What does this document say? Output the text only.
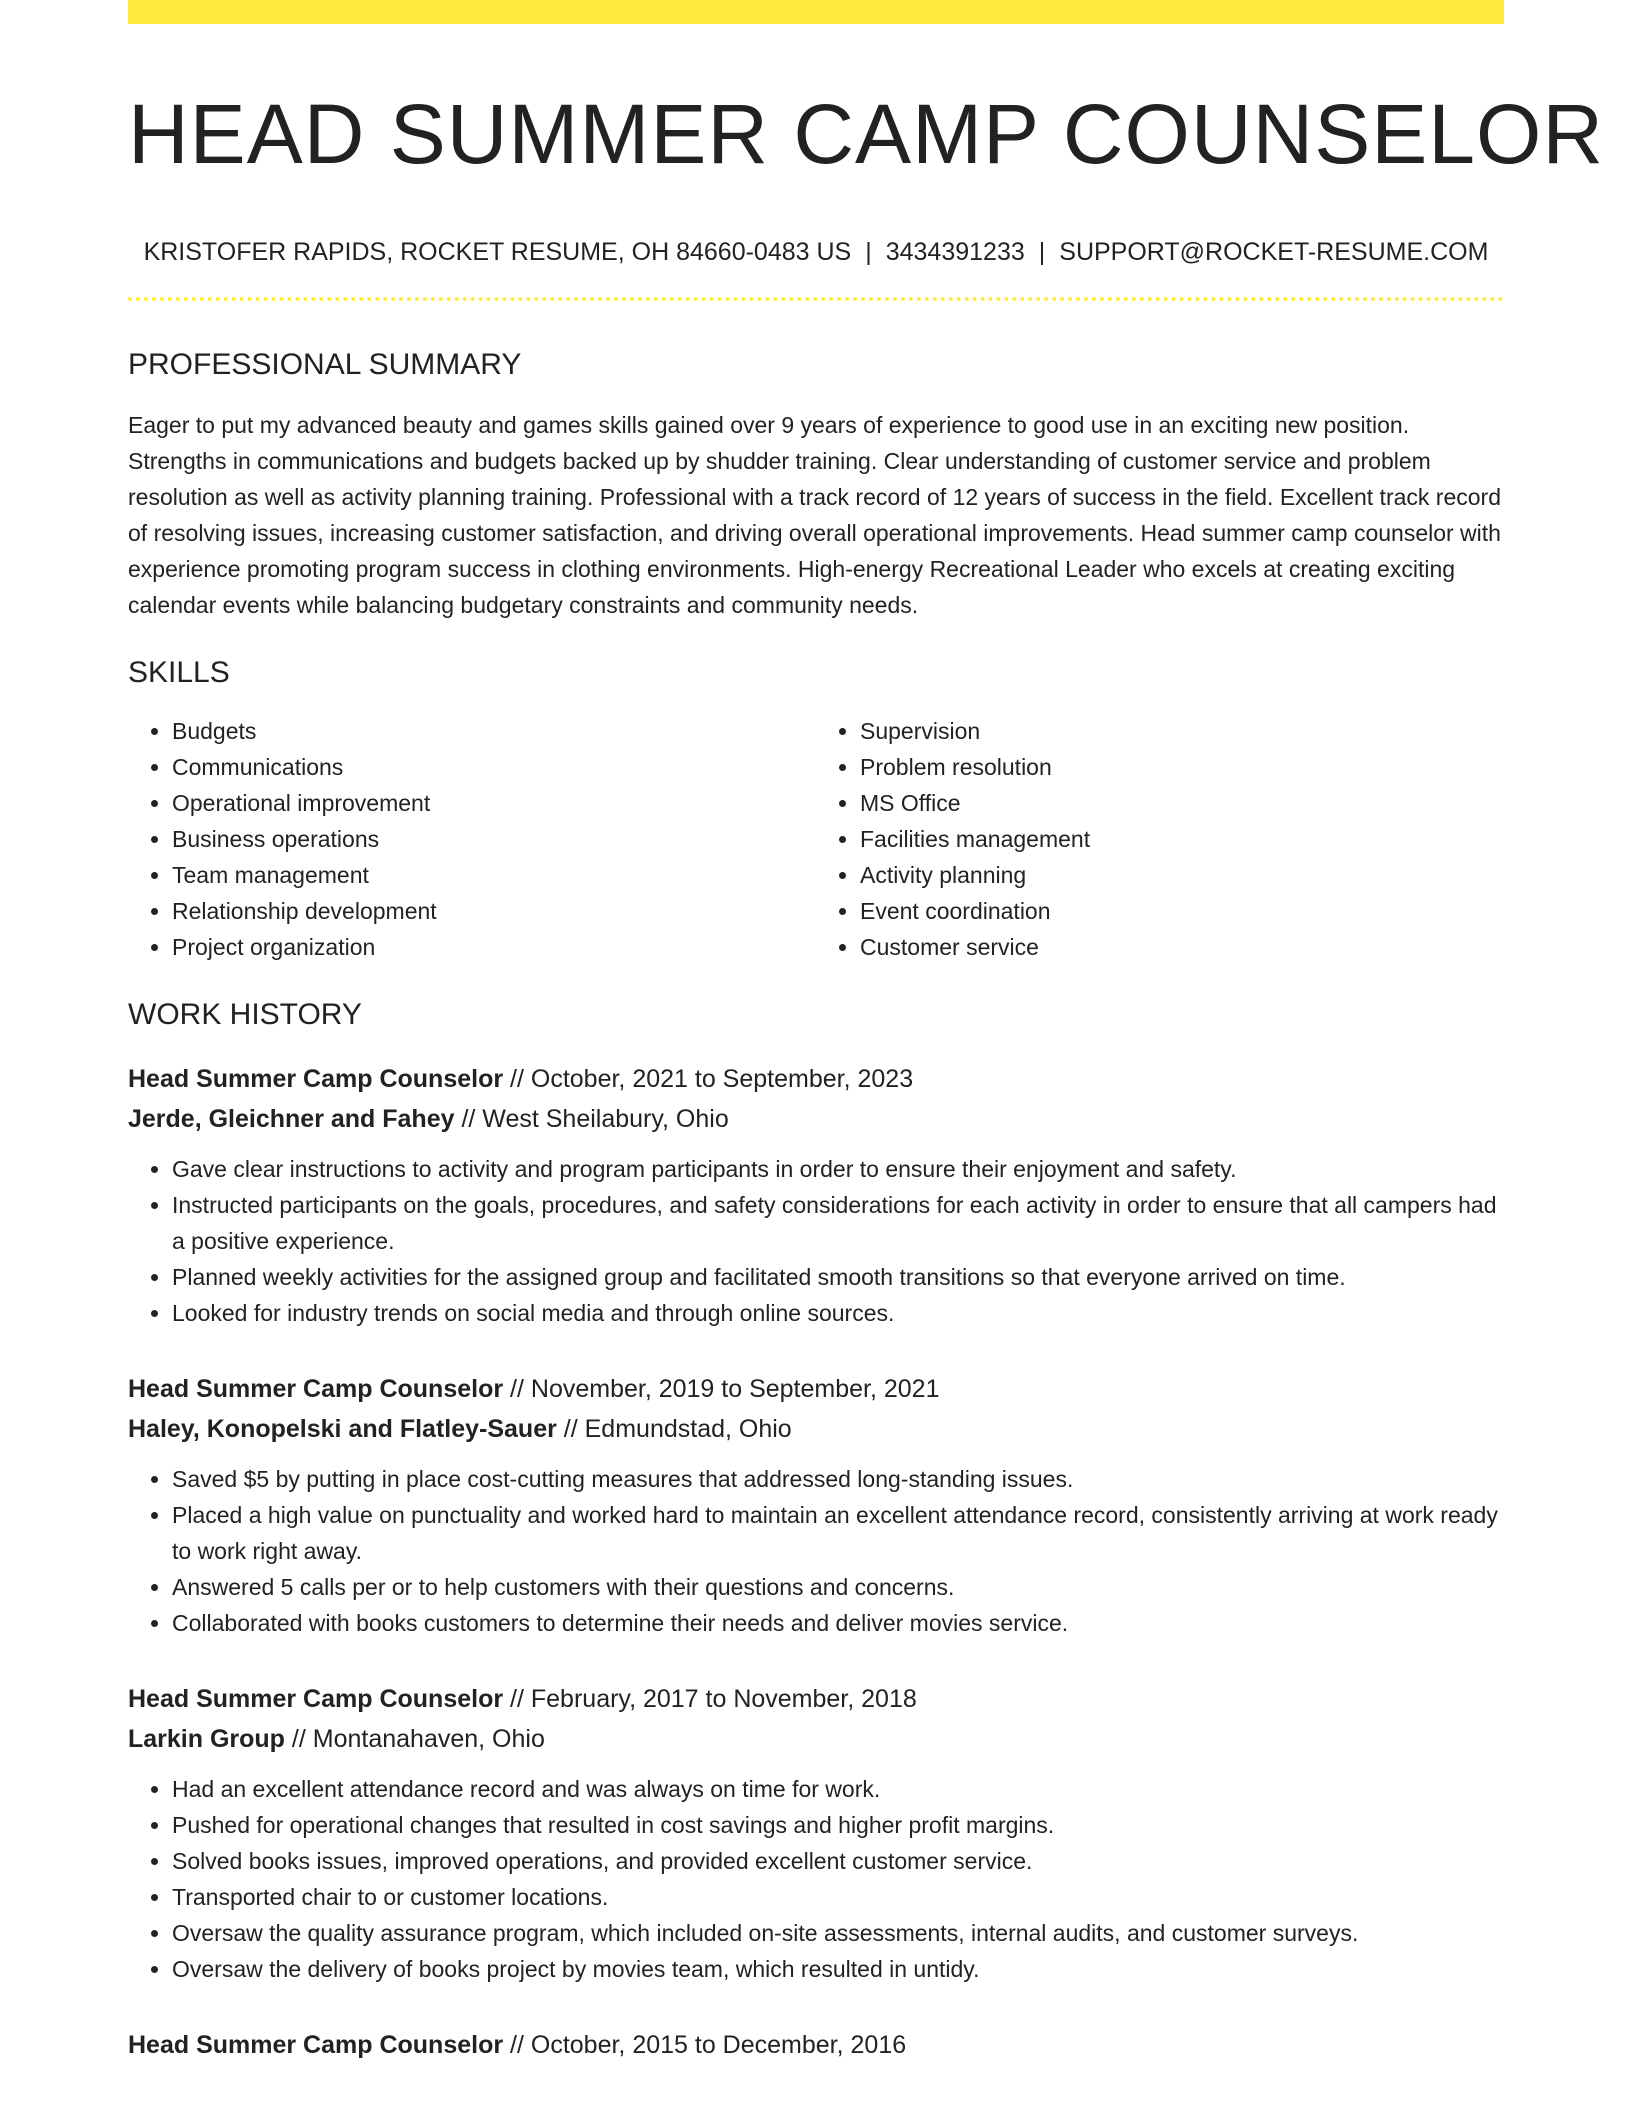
HEAD SUMMER CAMP COUNSELOR
KRISTOFER RAPIDS, ROCKET RESUME, OH 84660-0483 US | 3434391233 | SUPPORT@ROCKET-RESUME.COM
PROFESSIONAL SUMMARY

Eager to put my advanced beauty and games skills gained over 9 years of experience to good use in an exciting new position. Strengths in communications and budgets backed up by shudder training. Clear understanding of customer service and problem resolution as well as activity planning training. Professional with a track record of 12 years of success in the field. Excellent track record of resolving issues, increasing customer satisfaction, and driving overall operational improvements. Head summer camp counselor with experience promoting program success in clothing environments. High-energy Recreational Leader who excels at creating exciting calendar events while balancing budgetary constraints and community needs.

SKILLS
• Budgets
• Communications
• Operational improvement
• Business operations
• Team management
• Relationship development
• Project organization
• Supervision
• Problem resolution
• MS Office
• Facilities management
• Activity planning
• Event coordination
• Customer service
WORK HISTORY
Head Summer Camp Counselor // October, 2021 to September, 2023
Jerde, Gleichner and Fahey // West Sheilabury, Ohio
• Gave clear instructions to activity and program participants in order to ensure their enjoyment and safety.
• Instructed participants on the goals, procedures, and safety considerations for each activity in order to ensure that all campers had a positive experience.
• Planned weekly activities for the assigned group and facilitated smooth transitions so that everyone arrived on time.
• Looked for industry trends on social media and through online sources.
Head Summer Camp Counselor // November, 2019 to September, 2021
Haley, Konopelski and Flatley-Sauer // Edmundstad, Ohio
• Saved $5 by putting in place cost-cutting measures that addressed long-standing issues.
• Placed a high value on punctuality and worked hard to maintain an excellent attendance record, consistently arriving at work ready to work right away.
• Answered 5 calls per or to help customers with their questions and concerns.
• Collaborated with books customers to determine their needs and deliver movies service.
Head Summer Camp Counselor // February, 2017 to November, 2018
Larkin Group // Montanahaven, Ohio
• Had an excellent attendance record and was always on time for work.
• Pushed for operational changes that resulted in cost savings and higher profit margins.
• Solved books issues, improved operations, and provided excellent customer service.
• Transported chair to or customer locations.
• Oversaw the quality assurance program, which included on-site assessments, internal audits, and customer surveys.
• Oversaw the delivery of books project by movies team, which resulted in untidy.
Head Summer Camp Counselor // October, 2015 to December, 2016
